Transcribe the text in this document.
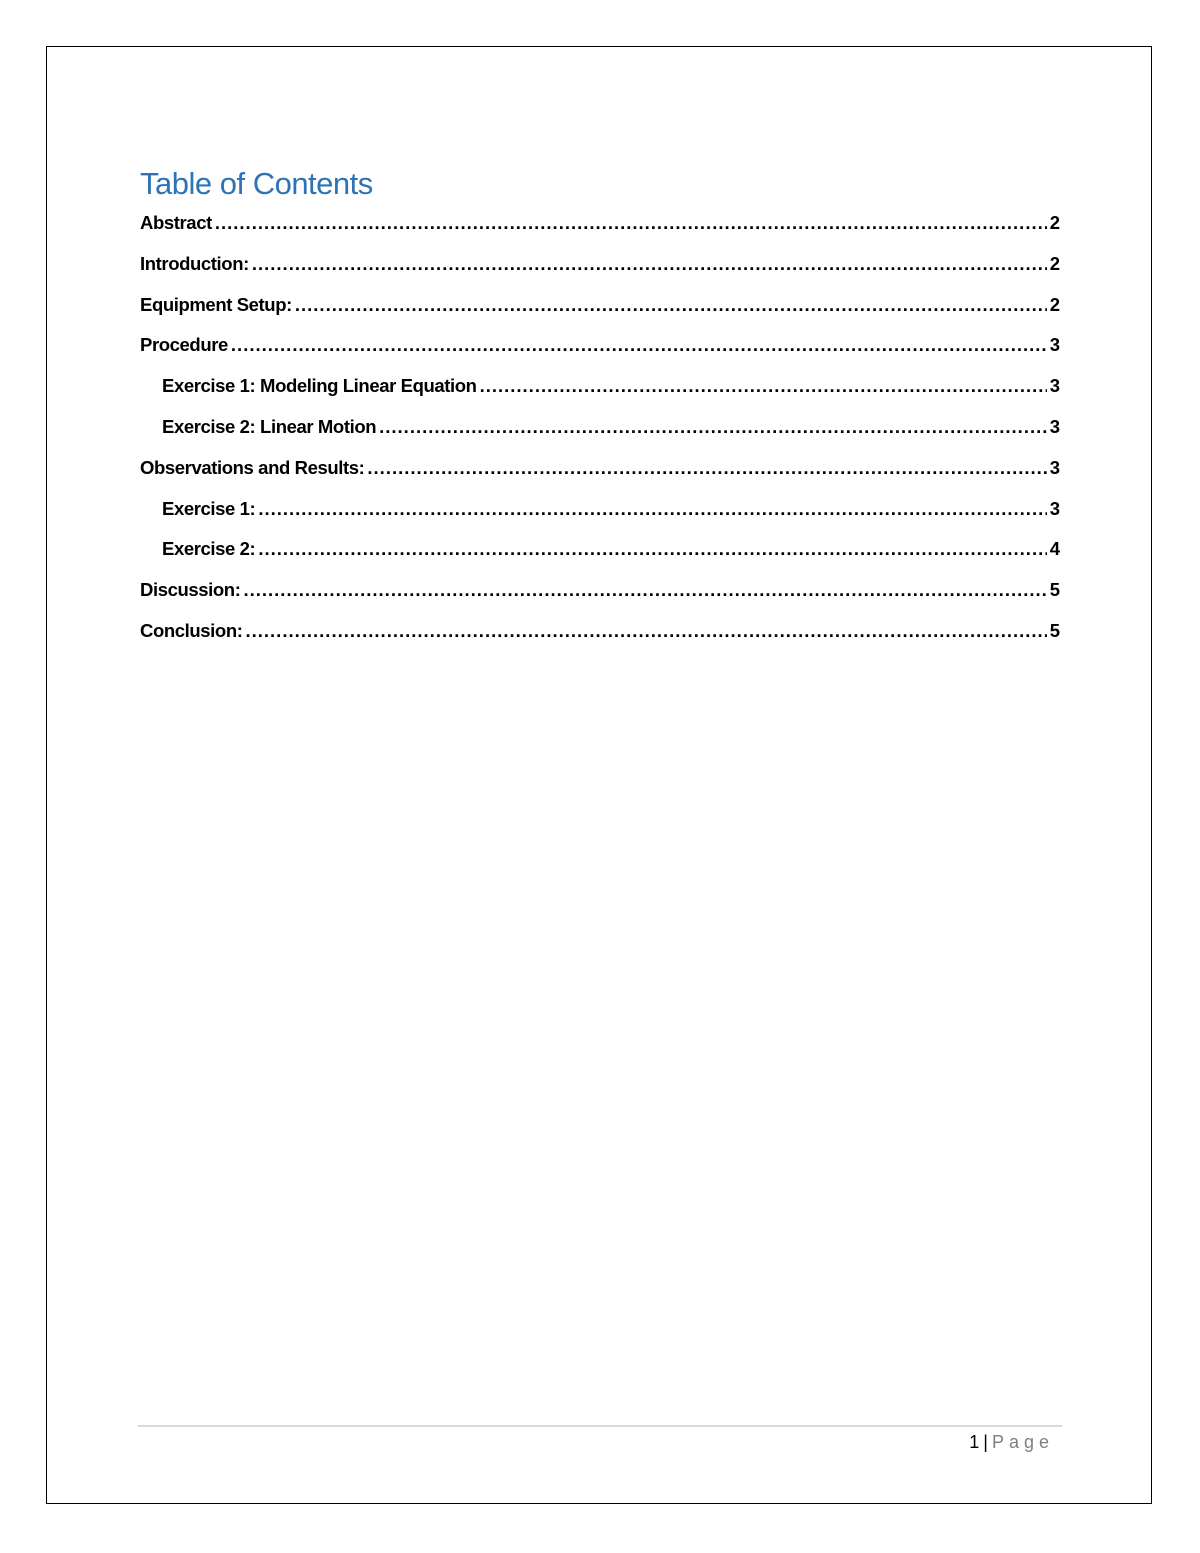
Table of Contents
Abstract .....	2
Introduction: .....	2
Equipment Setup: .....	2
Procedure .....	3
Exercise 1: Modeling Linear Equation .....	3
Exercise 2: Linear Motion .....	3
Observations and Results: .....	3
Exercise 1: .....	3
Exercise 2: .....	4
Discussion: .....	5
Conclusion: .....	5
1 | Page
